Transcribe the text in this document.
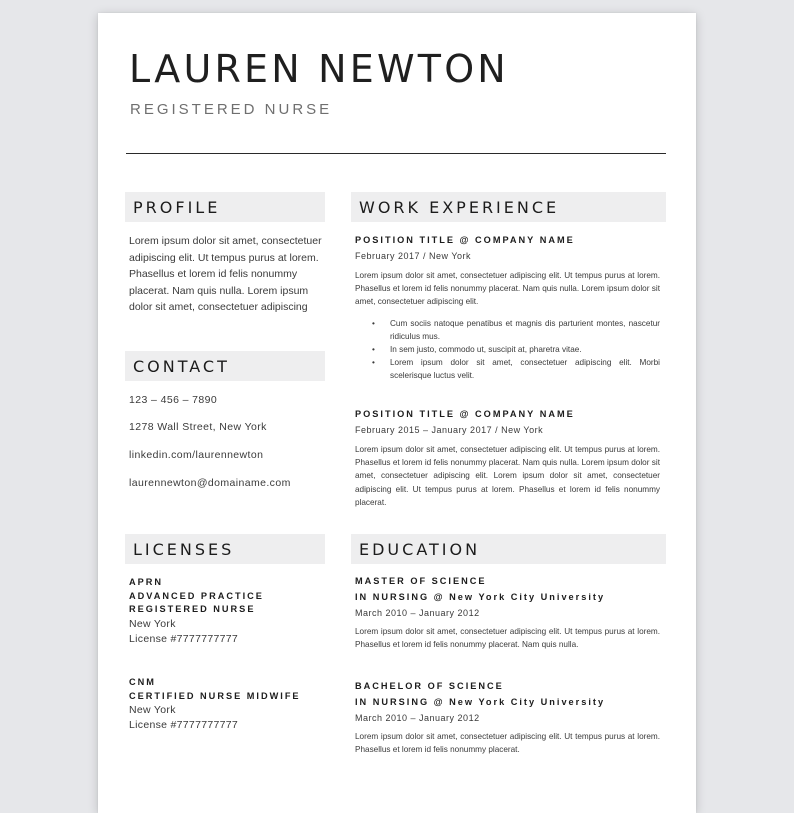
LAUREN NEWTON
REGISTERED NURSE
PROFILE

Lorem ipsum dolor sit amet, consectetuer adipiscing elit. Ut tempus purus at lorem. Phasellus et lorem id felis nonummy placerat. Nam quis nulla. Lorem ipsum dolor sit amet, consectetuer adipiscing

CONTACT
123 – 456 – 7890
1278 Wall Street, New York
linkedin.com/laurennewton
laurennewton@domainame.com
LICENSES

APRN

ADVANCED PRACTICE

REGISTERED NURSE

New York

License #7777777777

CNM

CERTIFIED NURSE MIDWIFE

New York

License #7777777777

WORK EXPERIENCE

POSITION TITLE @ COMPANY NAME

February 2017 / New York

Lorem ipsum dolor sit amet, consectetuer adipiscing elit. Ut tempus purus at lorem. Phasellus et lorem id felis nonummy placerat. Nam quis nulla. Lorem ipsum dolor sit amet, consectetuer adipiscing elit.

• Cum sociis natoque penatibus et magnis dis parturient montes, nascetur ridiculus mus.
• In sem justo, commodo ut, suscipit at, pharetra vitae.
• Lorem ipsum dolor sit amet, consectetuer adipiscing elit. Morbi scelerisque luctus velit.

POSITION TITLE @ COMPANY NAME

February 2015 – January 2017 / New York

Lorem ipsum dolor sit amet, consectetuer adipiscing elit. Ut tempus purus at lorem. Phasellus et lorem id felis nonummy placerat. Nam quis nulla. Lorem ipsum dolor sit amet, consectetuer adipiscing elit. Lorem ipsum dolor sit amet, consectetuer adipiscing elit. Ut tempus purus at lorem. Phasellus et lorem id felis nonummy placerat.

EDUCATION

MASTER OF SCIENCE

IN NURSING @ New York City University

March 2010 – January 2012

Lorem ipsum dolor sit amet, consectetuer adipiscing elit. Ut tempus purus at lorem. Phasellus et lorem id felis nonummy placerat. Nam quis nulla.

BACHELOR OF SCIENCE

IN NURSING @ New York City University

March 2010 – January 2012

Lorem ipsum dolor sit amet, consectetuer adipiscing elit. Ut tempus purus at lorem. Phasellus et lorem id felis nonummy placerat.
